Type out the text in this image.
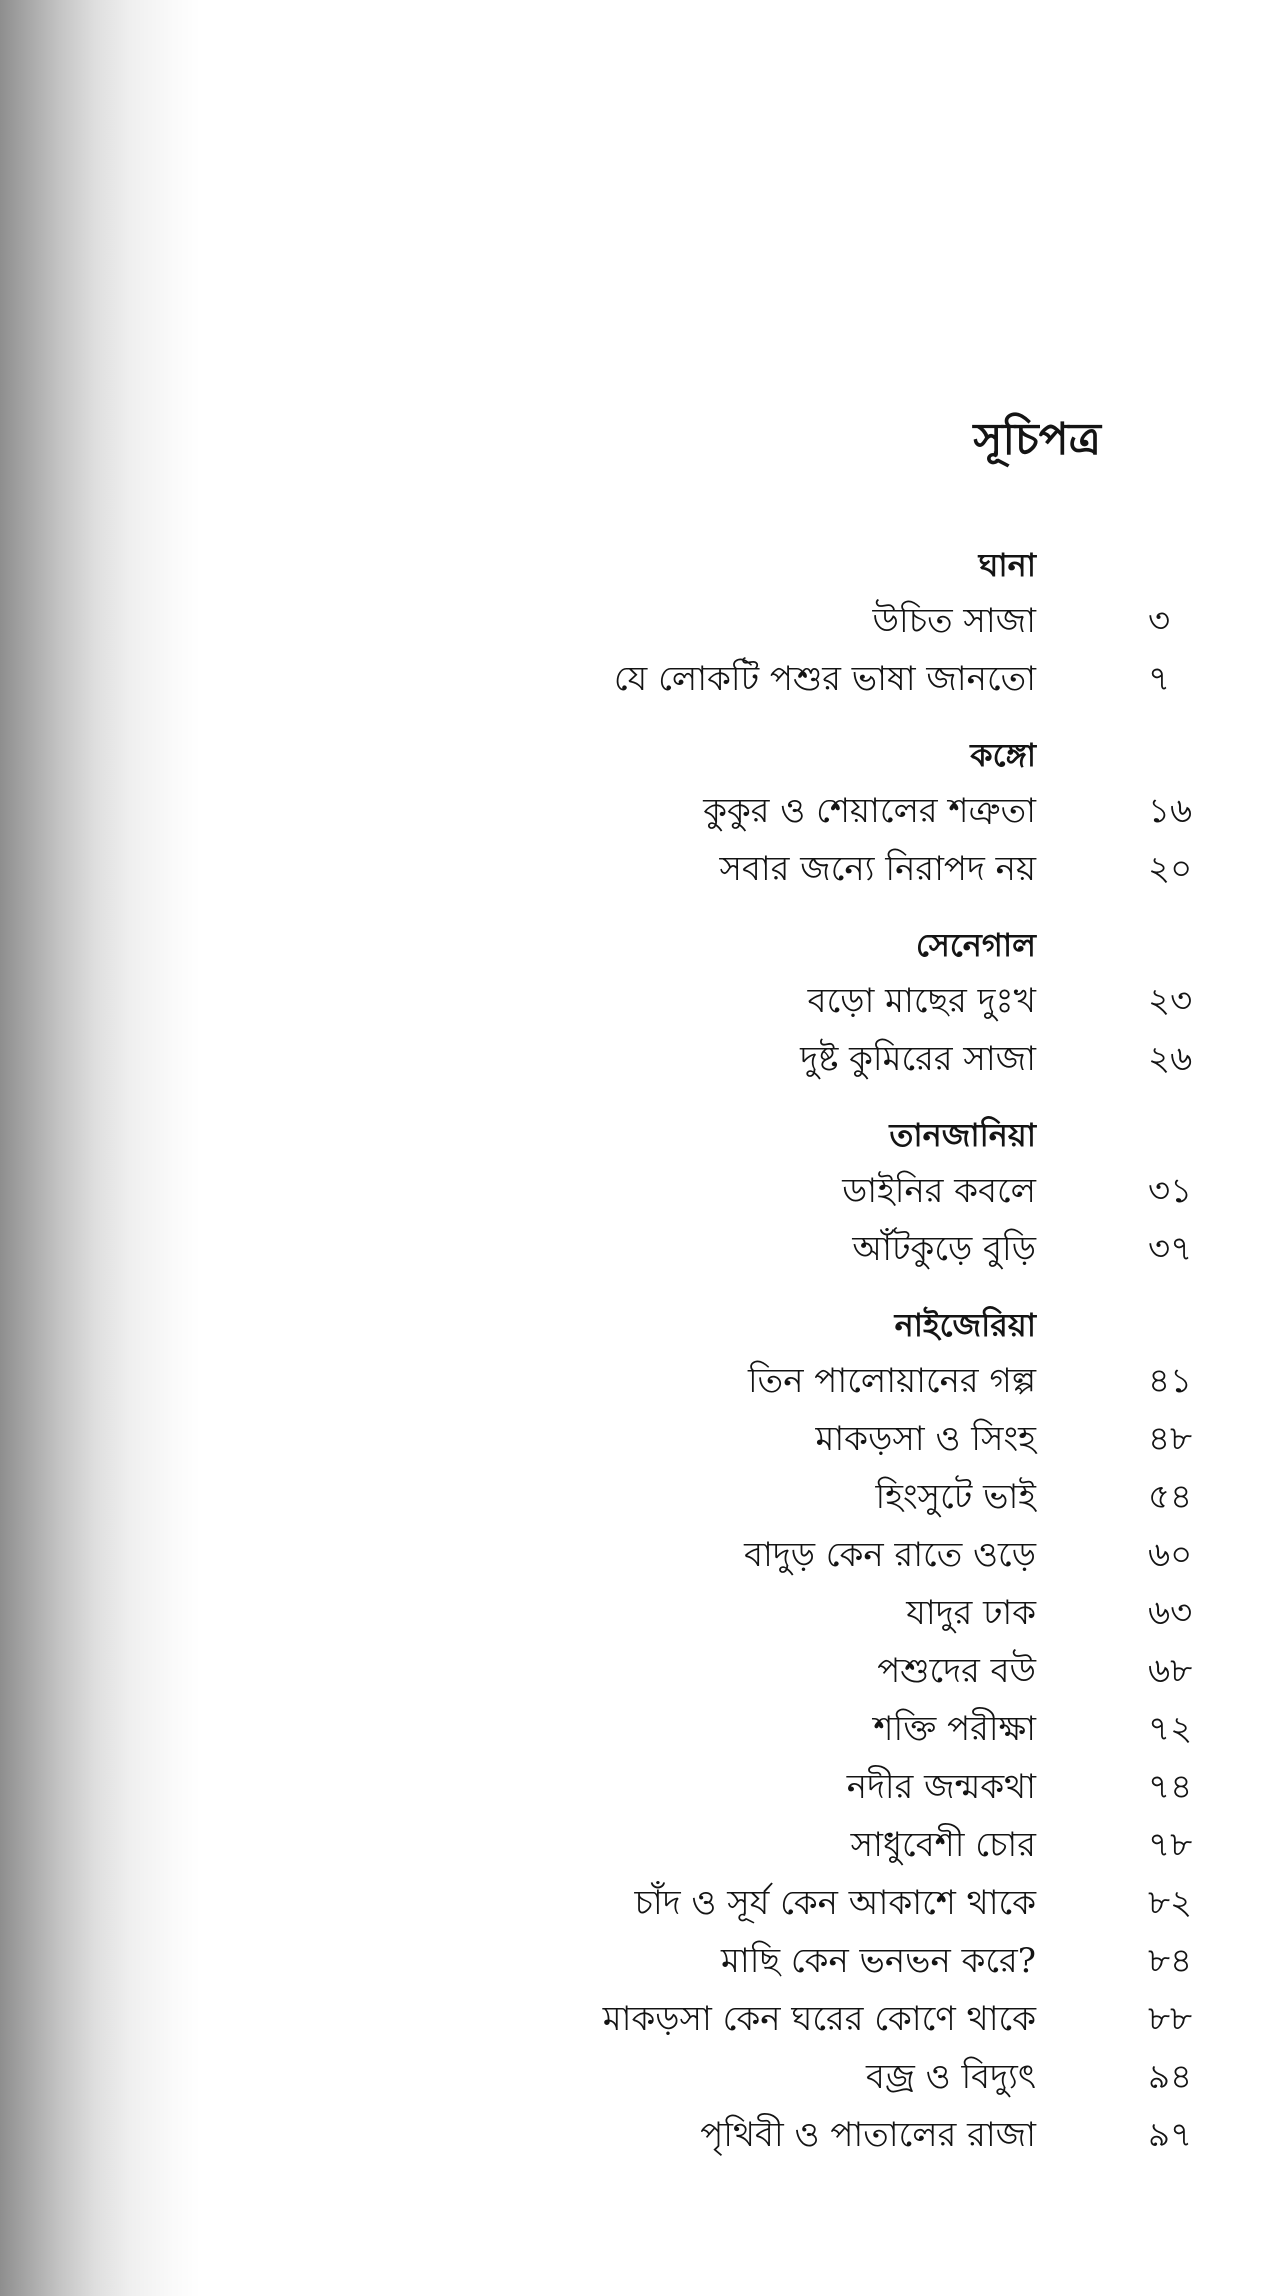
সূচিপত্র
ঘানা
উচিত সাজা	৩
যে লোকটি পশুর ভাষা জানতো	৭
কঙ্গো
কুকুর ও শেয়ালের শত্রুতা	১৬
সবার জন্যে নিরাপদ নয়	২০
সেনেগাল
বড়ো মাছের দুঃখ	২৩
দুষ্ট কুমিরের সাজা	২৬
তানজানিয়া
ডাইনির কবলে	৩১
আঁটকুড়ে বুড়ি	৩৭
নাইজেরিয়া
তিন পালোয়ানের গল্প	৪১
মাকড়সা ও সিংহ	৪৮
হিংসুটে ভাই	৫৪
বাদুড় কেন রাতে ওড়ে	৬০
যাদুর ঢাক	৬৩
পশুদের বউ	৬৮
শক্তি পরীক্ষা	৭২
নদীর জন্মকথা	৭৪
সাধুবেশী চোর	৭৮
চাঁদ ও সূর্য কেন আকাশে থাকে	৮২
মাছি কেন ভনভন করে?	৮৪
মাকড়সা কেন ঘরের কোণে থাকে	৮৮
বজ্র ও বিদ্যুৎ	৯৪
পৃথিবী ও পাতালের রাজা	৯৭
